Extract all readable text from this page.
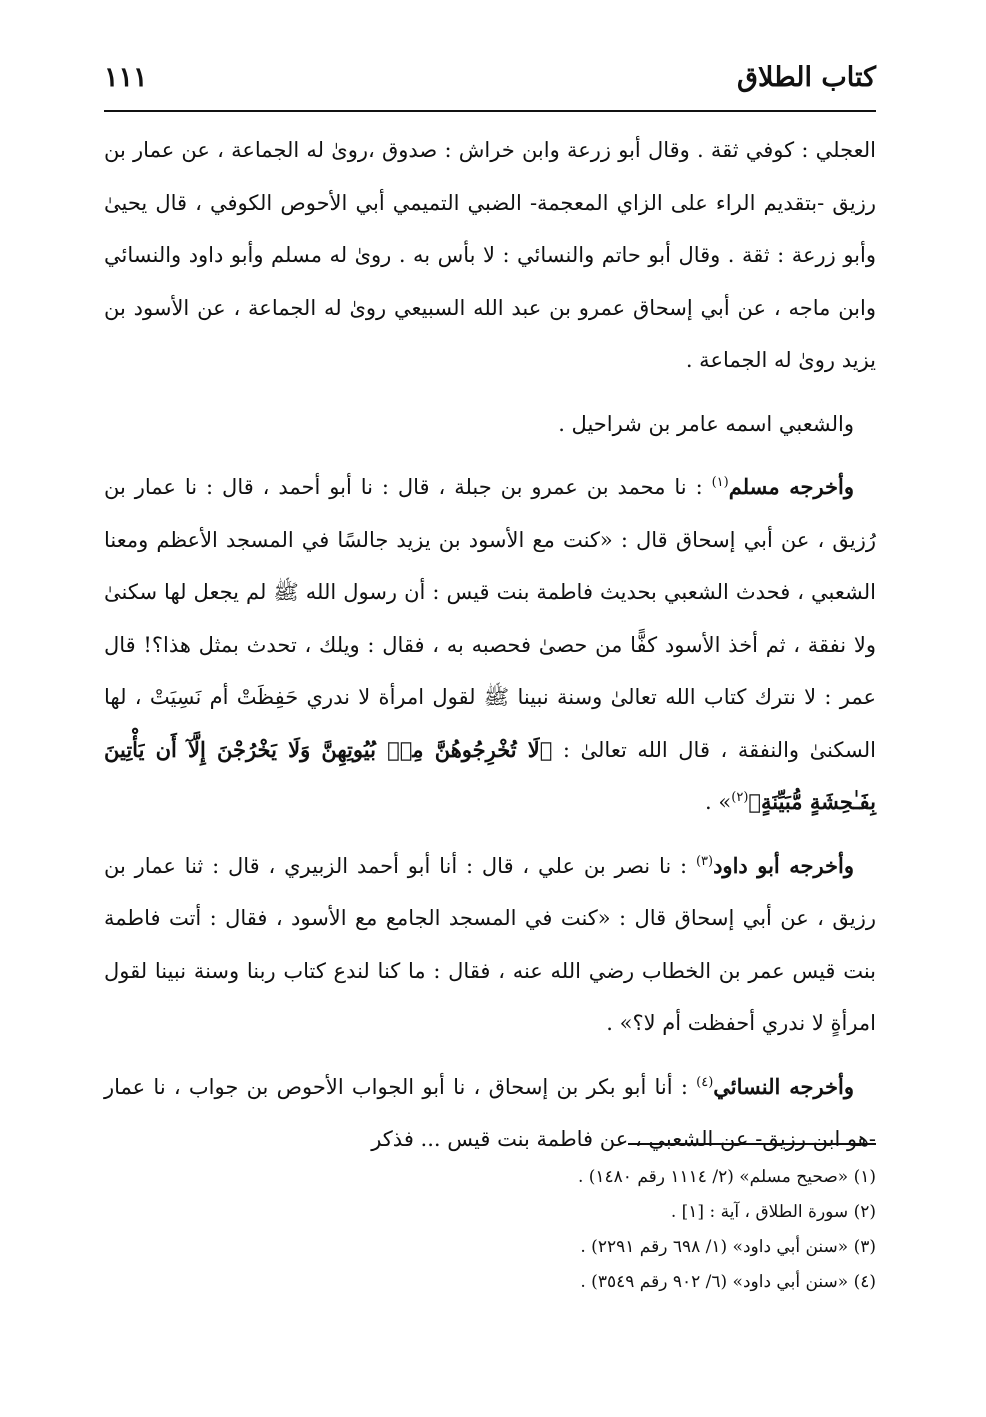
كتاب الطلاق
١١١

العجلي : كوفي ثقة . وقال أبو زرعة وابن خراش : صدوق ،روىٰ له الجماعة ، عن عمار بن رزيق -بتقديم الراء على الزاي المعجمة- الضبي التميمي أبي الأحوص الكوفي ، قال يحيىٰ وأبو زرعة : ثقة . وقال أبو حاتم والنسائي : لا بأس به . روىٰ له مسلم وأبو داود والنسائي وابن ماجه ، عن أبي إسحاق عمرو بن عبد الله السبيعي روىٰ له الجماعة ، عن الأسود بن يزيد روىٰ له الجماعة .

والشعبي اسمه عامر بن شراحيل .

وأخرجه مسلم$^{(١)}$ : نا محمد بن عمرو بن جبلة ، قال : نا أبو أحمد ، قال : نا عمار بن رُزيق ، عن أبي إسحاق قال : «كنت مع الأسود بن يزيد جالسًا في المسجد الأعظم ومعنا الشعبي ، فحدث الشعبي بحديث فاطمة بنت قيس : أن رسول الله ﷺ لم يجعل لها سكنىٰ ولا نفقة ، ثم أخذ الأسود كفًّا من حصىٰ فحصبه به ، فقال : ويلك ، تحدث بمثل هذا؟! قال عمر : لا نترك كتاب الله تعالىٰ وسنة نبينا ﷺ لقول امرأة لا ندري حَفِظَتْ أم نَسِيَتْ ، لها السكنىٰ والنفقة ، قال الله تعالىٰ : ﴿لَا تُخْرِجُوهُنَّ مِنۢ بُيُوتِهِنَّ وَلَا يَخْرُجْنَ إِلَّآ أَن يَأْتِينَ بِفَـٰحِشَةٍ مُّبَيِّنَةٍ﴾$^{(٢)}$» .

وأخرجه أبو داود$^{(٣)}$ : نا نصر بن علي ، قال : أنا أبو أحمد الزبيري ، قال : ثنا عمار بن رزيق ، عن أبي إسحاق قال : «كنت في المسجد الجامع مع الأسود ، فقال : أتت فاطمة بنت قيس عمر بن الخطاب رضي الله عنه ، فقال : ما كنا لندع كتاب ربنا وسنة نبينا لقول امرأةٍ لا ندري أحفظت أم لا؟» .

وأخرجه النسائي$^{(٤)}$ : أنا أبو بكر بن إسحاق ، نا أبو الجواب الأحوص بن جواب ، نا عمار -هو ابن رزيق- عن الشعبي ، عن فاطمة بنت قيس ... فذكر

(١) «صحيح مسلم» (٢/ ١١١٤ رقم ١٤٨٠) .

(٢) سورة الطلاق ، آية : [١] .

(٣) «سنن أبي داود» (١/ ٦٩٨ رقم ٢٢٩١) .

(٤) «سنن أبي داود» (٦/ ٩٠٢ رقم ٣٥٤٩) .
